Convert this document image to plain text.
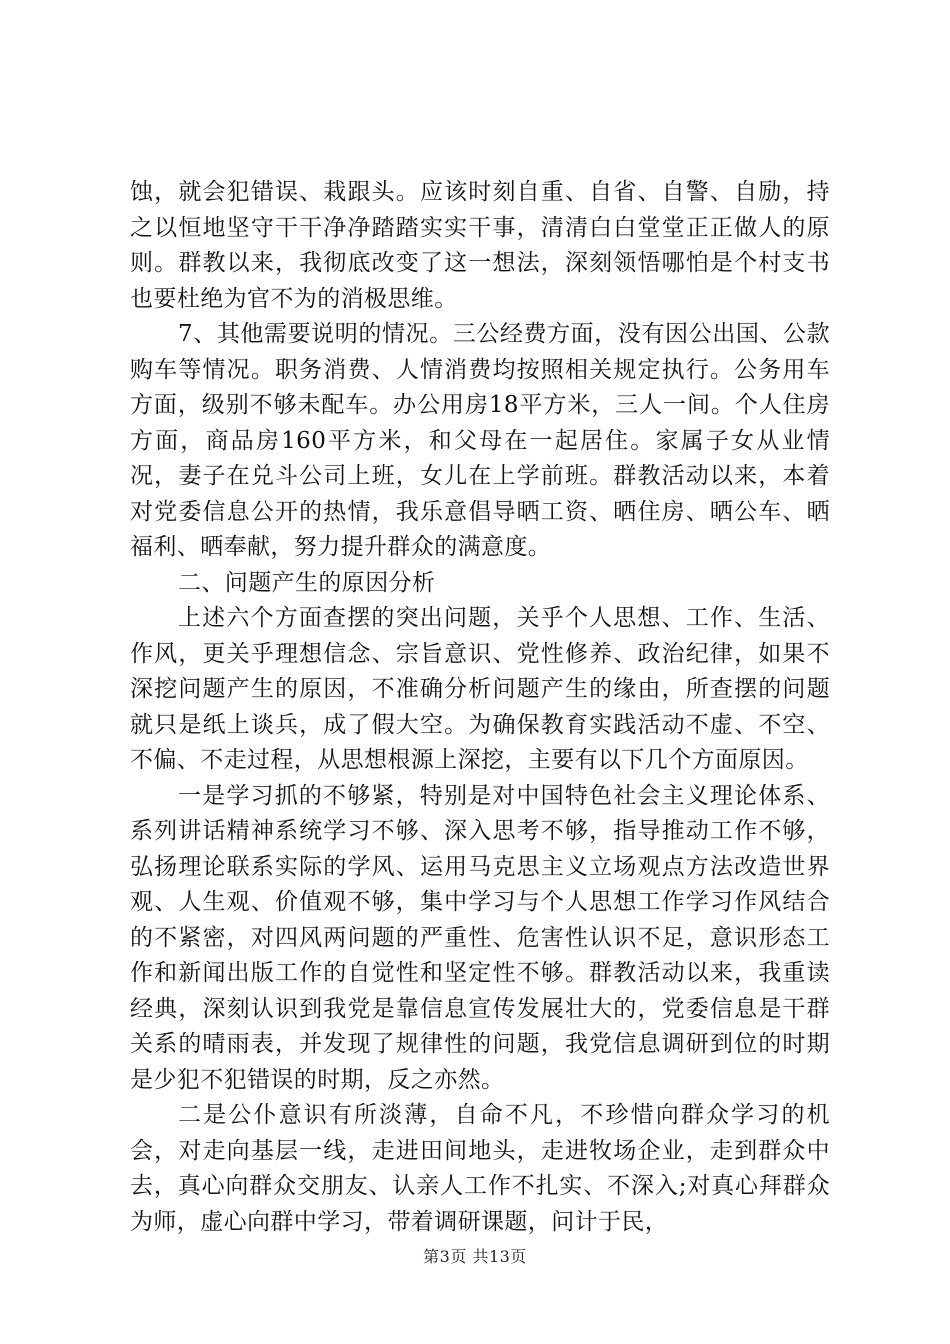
蚀，就会犯错误、栽跟头。应该时刻自重、自省、自警、自励，持之以恒地坚守干干净净踏踏实实干事，清清白白堂堂正正做人的原则。群教以来，我彻底改变了这一想法，深刻领悟哪怕是个村支书也要杜绝为官不为的消极思维。

7、其他需要说明的情况。三公经费方面，没有因公出国、公款购车等情况。职务消费、人情消费均按照相关规定执行。公务用车方面，级别不够未配车。办公用房18平方米，三人一间。个人住房方面，商品房160平方米，和父母在一起居住。家属子女从业情况，妻子在兑斗公司上班，女儿在上学前班。群教活动以来，本着对党委信息公开的热情，我乐意倡导晒工资、晒住房、晒公车、晒福利、晒奉献，努力提升群众的满意度。

二、问题产生的原因分析

上述六个方面查摆的突出问题，关乎个人思想、工作、生活、作风，更关乎理想信念、宗旨意识、党性修养、政治纪律，如果不深挖问题产生的原因，不准确分析问题产生的缘由，所查摆的问题就只是纸上谈兵，成了假大空。为确保教育实践活动不虚、不空、不偏、不走过程，从思想根源上深挖，主要有以下几个方面原因。

一是学习抓的不够紧，特别是对中国特色社会主义理论体系、系列讲话精神系统学习不够、深入思考不够，指导推动工作不够，弘扬理论联系实际的学风、运用马克思主义立场观点方法改造世界观、人生观、价值观不够，集中学习与个人思想工作学习作风结合的不紧密，对四风两问题的严重性、危害性认识不足，意识形态工作和新闻出版工作的自觉性和坚定性不够。群教活动以来，我重读经典，深刻认识到我党是靠信息宣传发展壮大的，党委信息是干群关系的晴雨表，并发现了规律性的问题，我党信息调研到位的时期是少犯不犯错误的时期，反之亦然。

二是公仆意识有所淡薄，自命不凡，不珍惜向群众学习的机会，对走向基层一线，走进田间地头，走进牧场企业，走到群众中去，真心向群众交朋友、认亲人工作不扎实、不深入;对真心拜群众为师，虚心向群中学习，带着调研课题，问计于民，

第3页 共13页
